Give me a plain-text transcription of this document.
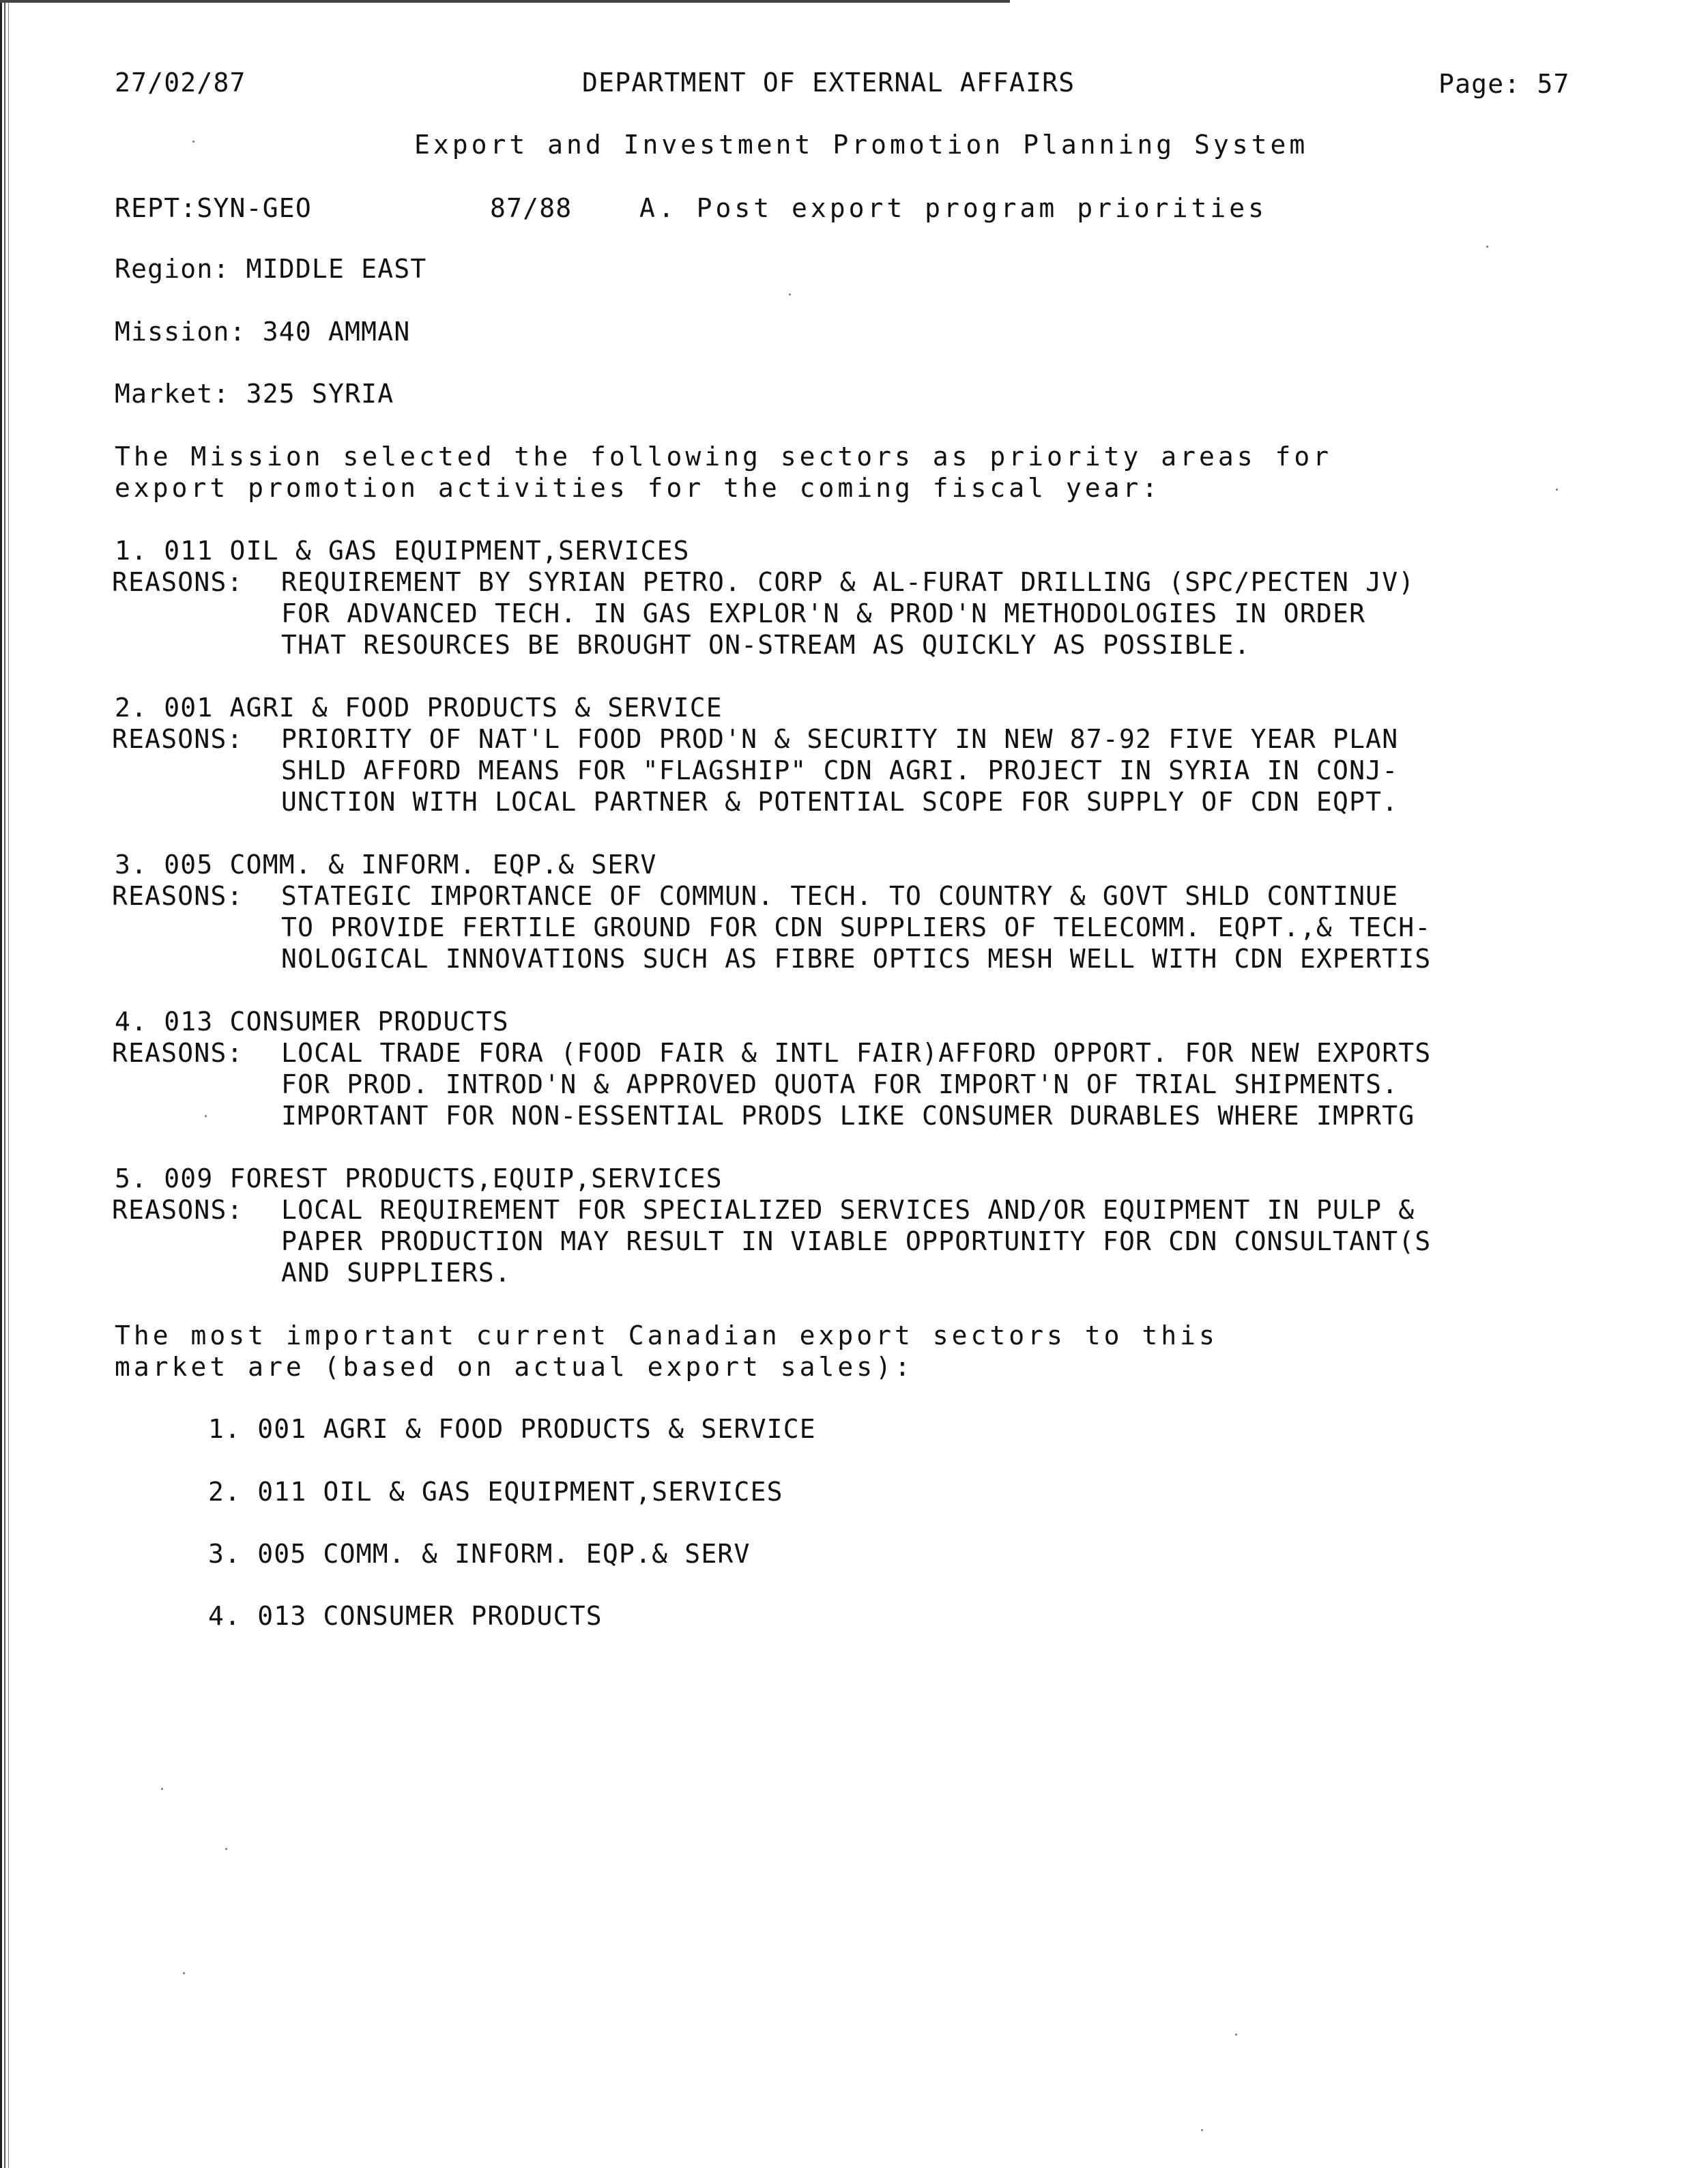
27/02/87	DEPARTMENT OF EXTERNAL AFFAIRS	Page: 57
Export and Investment Promotion Planning System
REPT:SYN-GEO	87/88	A. Post export program priorities
Region: MIDDLE EAST
Mission: 340 AMMAN
Market: 325 SYRIA
The Mission selected the following sectors as priority areas for
export promotion activities for the coming fiscal year:
1. 011 OIL & GAS EQUIPMENT,SERVICES
REASONS: REQUIREMENT BY SYRIAN PETRO. CORP & AL-FURAT DRILLING (SPC/PECTEN JV)
FOR ADVANCED TECH. IN GAS EXPLOR'N & PROD'N METHODOLOGIES IN ORDER
THAT RESOURCES BE BROUGHT ON-STREAM AS QUICKLY AS POSSIBLE.
2. 001 AGRI & FOOD PRODUCTS & SERVICE
REASONS: PRIORITY OF NAT'L FOOD PROD'N & SECURITY IN NEW 87-92 FIVE YEAR PLAN
SHLD AFFORD MEANS FOR "FLAGSHIP" CDN AGRI. PROJECT IN SYRIA IN CONJ-
UNCTION WITH LOCAL PARTNER & POTENTIAL SCOPE FOR SUPPLY OF CDN EQPT.
3. 005 COMM. & INFORM. EQP.& SERV
REASONS: STATEGIC IMPORTANCE OF COMMUN. TECH. TO COUNTRY & GOVT SHLD CONTINUE
TO PROVIDE FERTILE GROUND FOR CDN SUPPLIERS OF TELECOMM. EQPT.,& TECH-
NOLOGICAL INNOVATIONS SUCH AS FIBRE OPTICS MESH WELL WITH CDN EXPERTIS
4. 013 CONSUMER PRODUCTS
REASONS: LOCAL TRADE FORA (FOOD FAIR & INTL FAIR)AFFORD OPPORT. FOR NEW EXPORTS
FOR PROD. INTROD'N & APPROVED QUOTA FOR IMPORT'N OF TRIAL SHIPMENTS.
IMPORTANT FOR NON-ESSENTIAL PRODS LIKE CONSUMER DURABLES WHERE IMPRTG
5. 009 FOREST PRODUCTS,EQUIP,SERVICES
REASONS: LOCAL REQUIREMENT FOR SPECIALIZED SERVICES AND/OR EQUIPMENT IN PULP &
PAPER PRODUCTION MAY RESULT IN VIABLE OPPORTUNITY FOR CDN CONSULTANT(S
AND SUPPLIERS.
The most important current Canadian export sectors to this
market are (based on actual export sales):
1. 001 AGRI & FOOD PRODUCTS & SERVICE
2. 011 OIL & GAS EQUIPMENT,SERVICES
3. 005 COMM. & INFORM. EQP.& SERV
4. 013 CONSUMER PRODUCTS
